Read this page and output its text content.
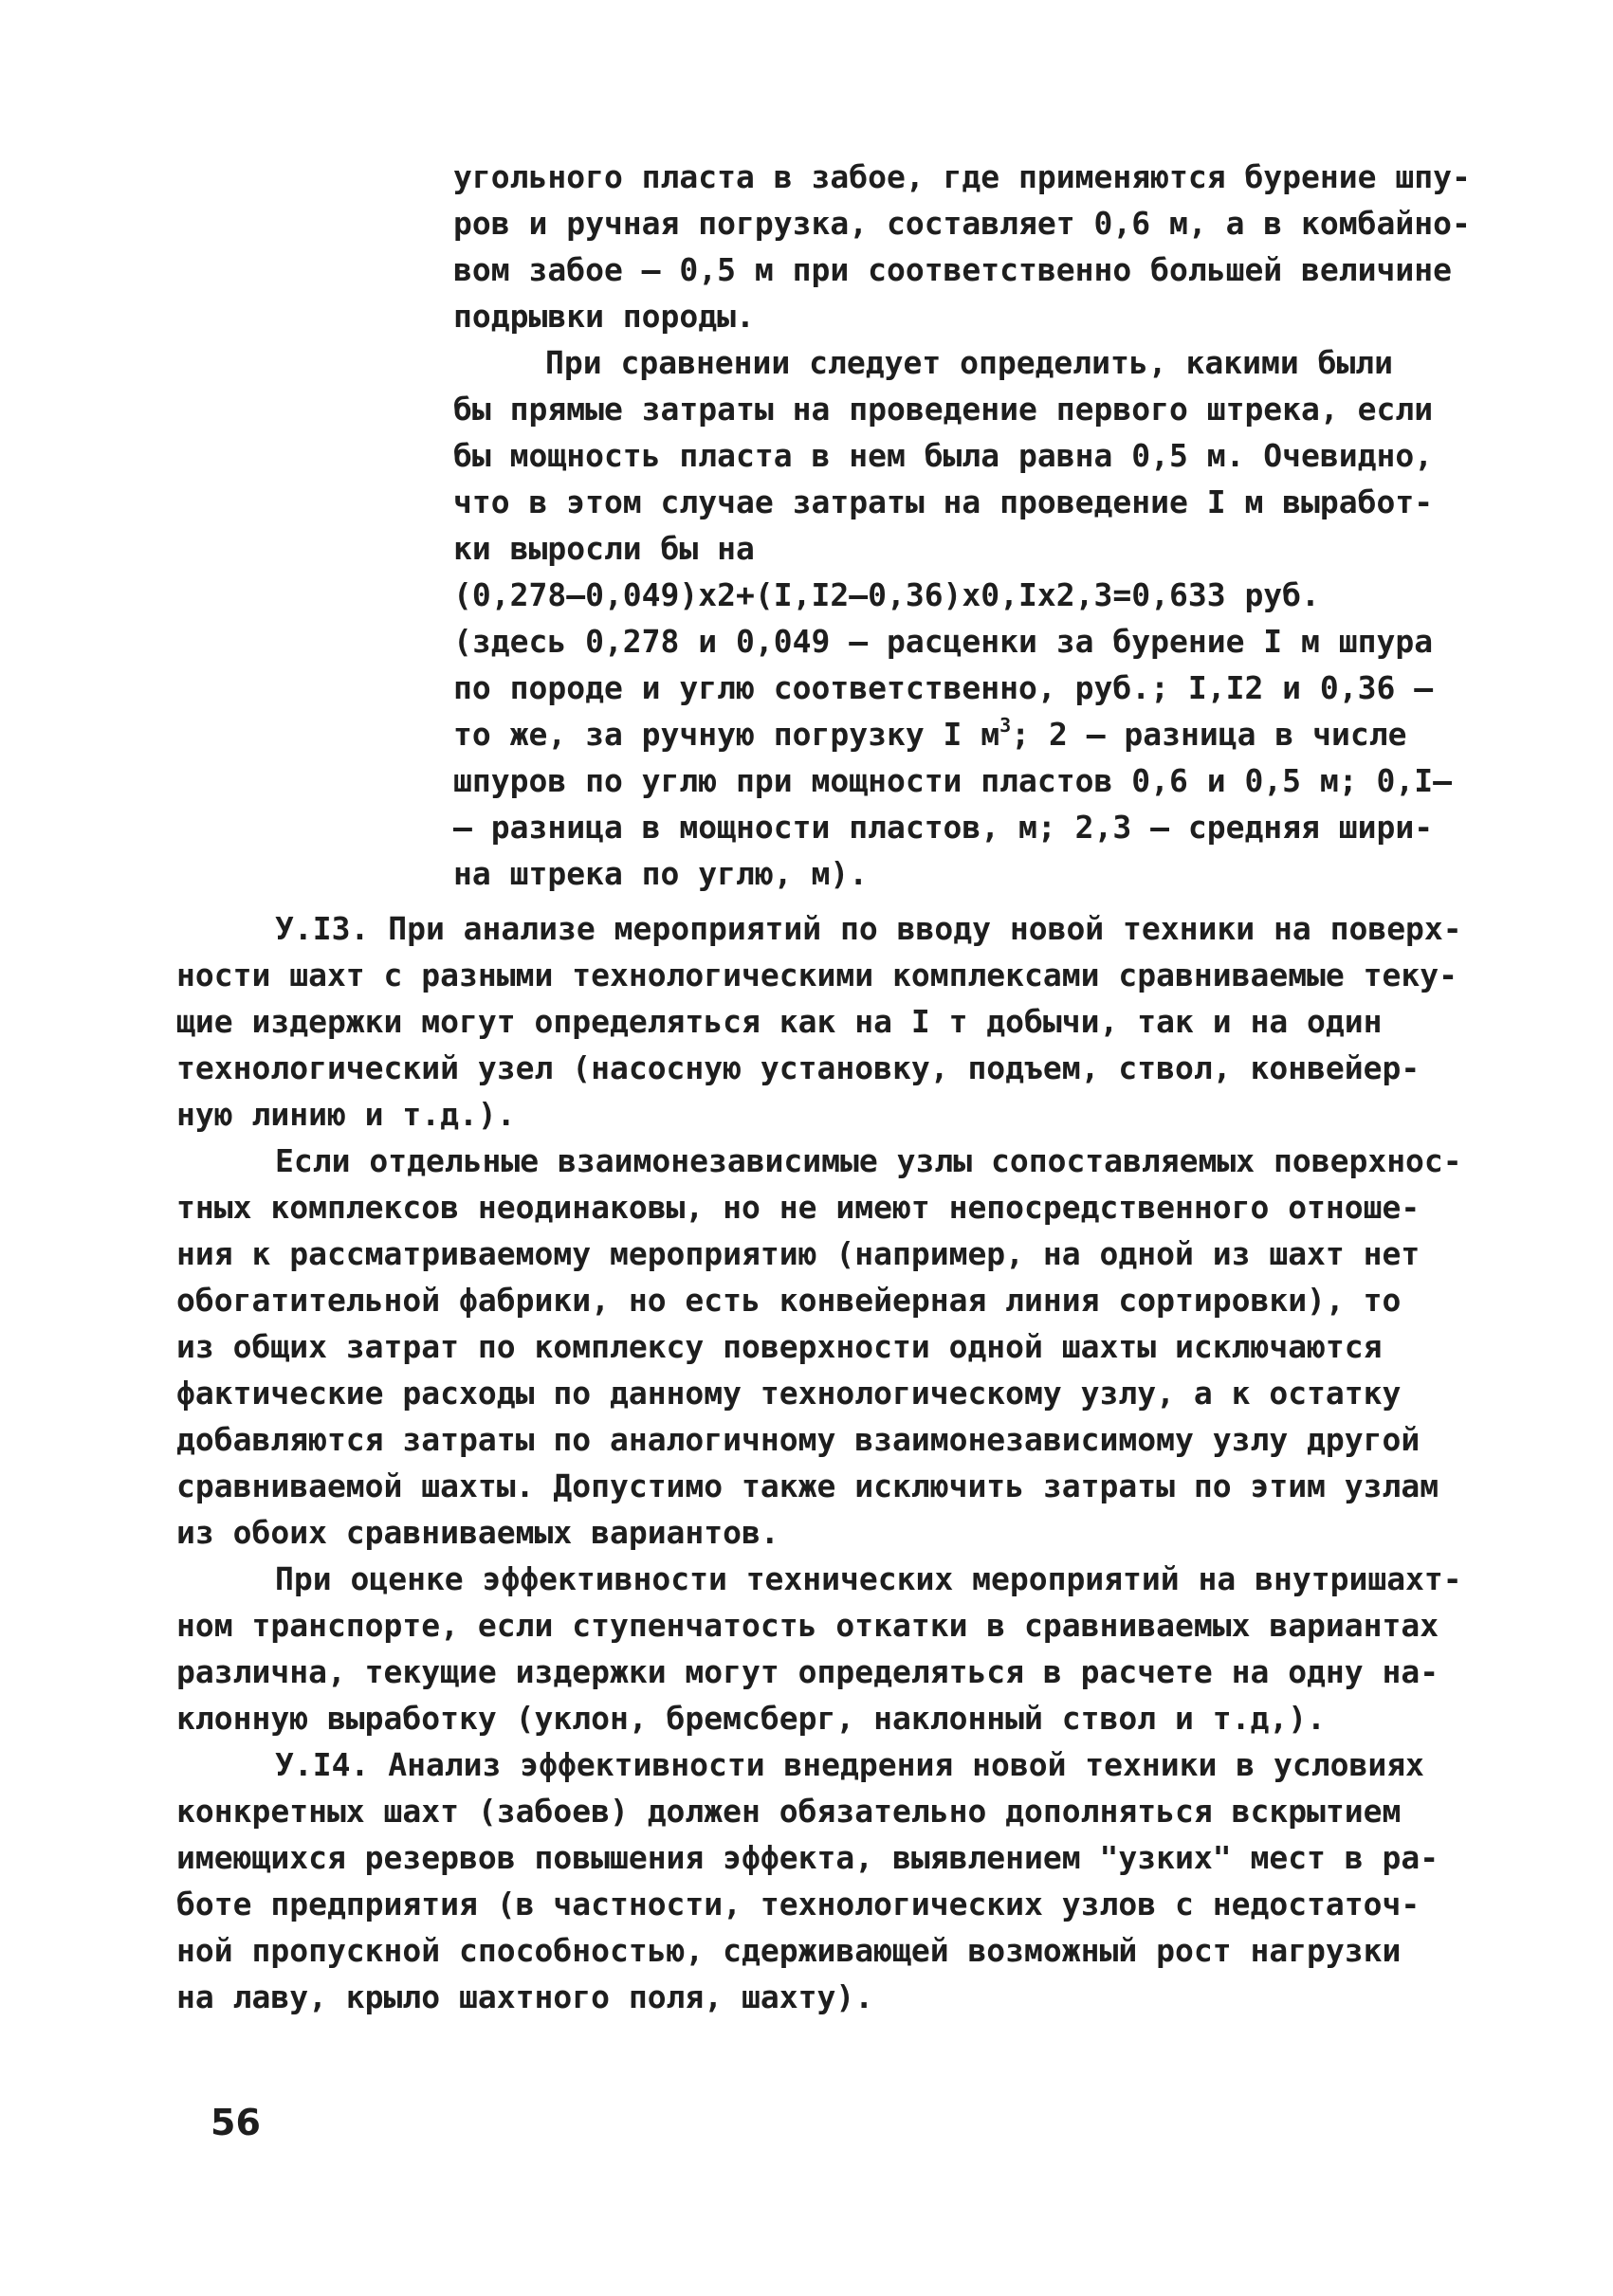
угольного пласта в забое, где применяются бурение шпу-
ров и ручная погрузка, составляет 0,6 м, а в комбайно-
вом забое – 0,5 м при соответственно большей величине
подрывки породы.
При сравнении следует определить, какими были
бы прямые затраты на проведение первого штрека, если
бы мощность пласта в нем была равна 0,5 м. Очевидно,
что в этом случае затраты на проведение I м выработ-
ки выросли бы на
(0,278–0,049)x2+(I,I2–0,36)x0,Ix2,3=0,633 руб.
(здесь 0,278 и 0,049 – расценки за бурение I м шпура
по породе и углю соответственно, руб.; I,I2 и 0,36 –
то же, за ручную погрузку I $м^3$; 2 – разница в числе
шпуров по углю при мощности пластов 0,6 и 0,5 м; 0,I–
– разница в мощности пластов, м; 2,3 – средняя шири-
на штрека по углю, м).
У.I3. При анализе мероприятий по вводу новой техники на поверх-
ности шахт с разными технологическими комплексами сравниваемые теку-
щие издержки могут определяться как на I т добычи, так и на один
технологический узел (насосную установку, подъем, ствол, конвейер-
ную линию и т.д.).
Если отдельные взаимонезависимые узлы сопоставляемых поверхнос-
тных комплексов неодинаковы, но не имеют непосредственного отноше-
ния к рассматриваемому мероприятию (например, на одной из шахт нет
обогатительной фабрики, но есть конвейерная линия сортировки), то
из общих затрат по комплексу поверхности одной шахты исключаются
фактические расходы по данному технологическому узлу, а к остатку
добавляются затраты по аналогичному взаимонезависимому узлу другой
сравниваемой шахты. Допустимо также исключить затраты по этим узлам
из обоих сравниваемых вариантов.
При оценке эффективности технических мероприятий на внутришахт-
ном транспорте, если ступенчатость откатки в сравниваемых вариантах
различна, текущие издержки могут определяться в расчете на одну на-
клонную выработку (уклон, бремсберг, наклонный ствол и т.д,).
У.I4. Анализ эффективности внедрения новой техники в условиях
конкретных шахт (забоев) должен обязательно дополняться вскрытием
имеющихся резервов повышения эффекта, выявлением "узких" мест в ра-
боте предприятия (в частности, технологических узлов с недостаточ-
ной пропускной способностью, сдерживающей возможный рост нагрузки
на лаву, крыло шахтного поля, шахту).
56
